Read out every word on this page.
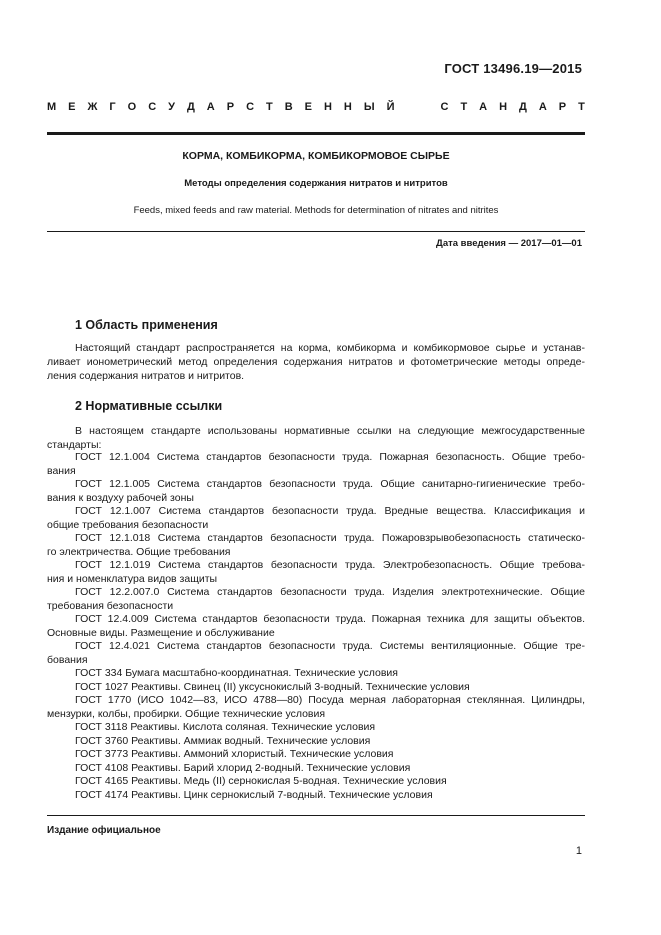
ГОСТ 13496.19—2015
М Е Ж Г О С У Д А Р С Т В Е Н Н Ы Й	С Т А Н Д А Р Т
КОРМА, КОМБИКОРМА, КОМБИКОРМОВОЕ СЫРЬЕ
Методы определения содержания нитратов и нитритов
Feeds, mixed feeds and raw material. Methods for determination of nitrates and nitrites
Дата введения — 2017—01—01
1 Область применения
Настоящий стандарт распространяется на корма, комбикорма и комбикормовое сырье и устанав-
ливает ионометрический метод определения содержания нитратов и фотометрические методы опреде-
ления содержания нитратов и нитритов.
2 Нормативные ссылки
В настоящем стандарте использованы нормативные ссылки на следующие межгосударственные
стандарты:
ГОСТ 12.1.004 Система стандартов безопасности труда. Пожарная безопасность. Общие требо-
вания
ГОСТ 12.1.005 Система стандартов безопасности труда. Общие санитарно-гигиенические требо-
вания к воздуху рабочей зоны
ГОСТ 12.1.007 Система стандартов безопасности труда. Вредные вещества. Классификация и
общие требования безопасности
ГОСТ 12.1.018 Система стандартов безопасности труда. Пожаровзрывобезопасность статическо-
го электричества. Общие требования
ГОСТ 12.1.019 Система стандартов безопасности труда. Электробезопасность. Общие требова-
ния и номенклатура видов защиты
ГОСТ 12.2.007.0 Система стандартов безопасности труда. Изделия электротехнические. Общие
требования безопасности
ГОСТ 12.4.009 Система стандартов безопасности труда. Пожарная техника для защиты объектов.
Основные виды. Размещение и обслуживание
ГОСТ 12.4.021 Система стандартов безопасности труда. Системы вентиляционные. Общие тре-
бования
ГОСТ 334 Бумага масштабно-координатная. Технические условия
ГОСТ 1027 Реактивы. Свинец (II) уксуснокислый 3-водный. Технические условия
ГОСТ 1770 (ИСО 1042—83, ИСО 4788—80) Посуда мерная лабораторная стеклянная. Цилиндры,
мензурки, колбы, пробирки. Общие технические условия
ГОСТ 3118 Реактивы. Кислота соляная. Технические условия
ГОСТ 3760 Реактивы. Аммиак водный. Технические условия
ГОСТ 3773 Реактивы. Аммоний хлористый. Технические условия
ГОСТ 4108 Реактивы. Барий хлорид 2-водный. Технические условия
ГОСТ 4165 Реактивы. Медь (II) сернокислая 5-водная. Технические условия
ГОСТ 4174 Реактивы. Цинк сернокислый 7-водный. Технические условия
Издание официальное
1
